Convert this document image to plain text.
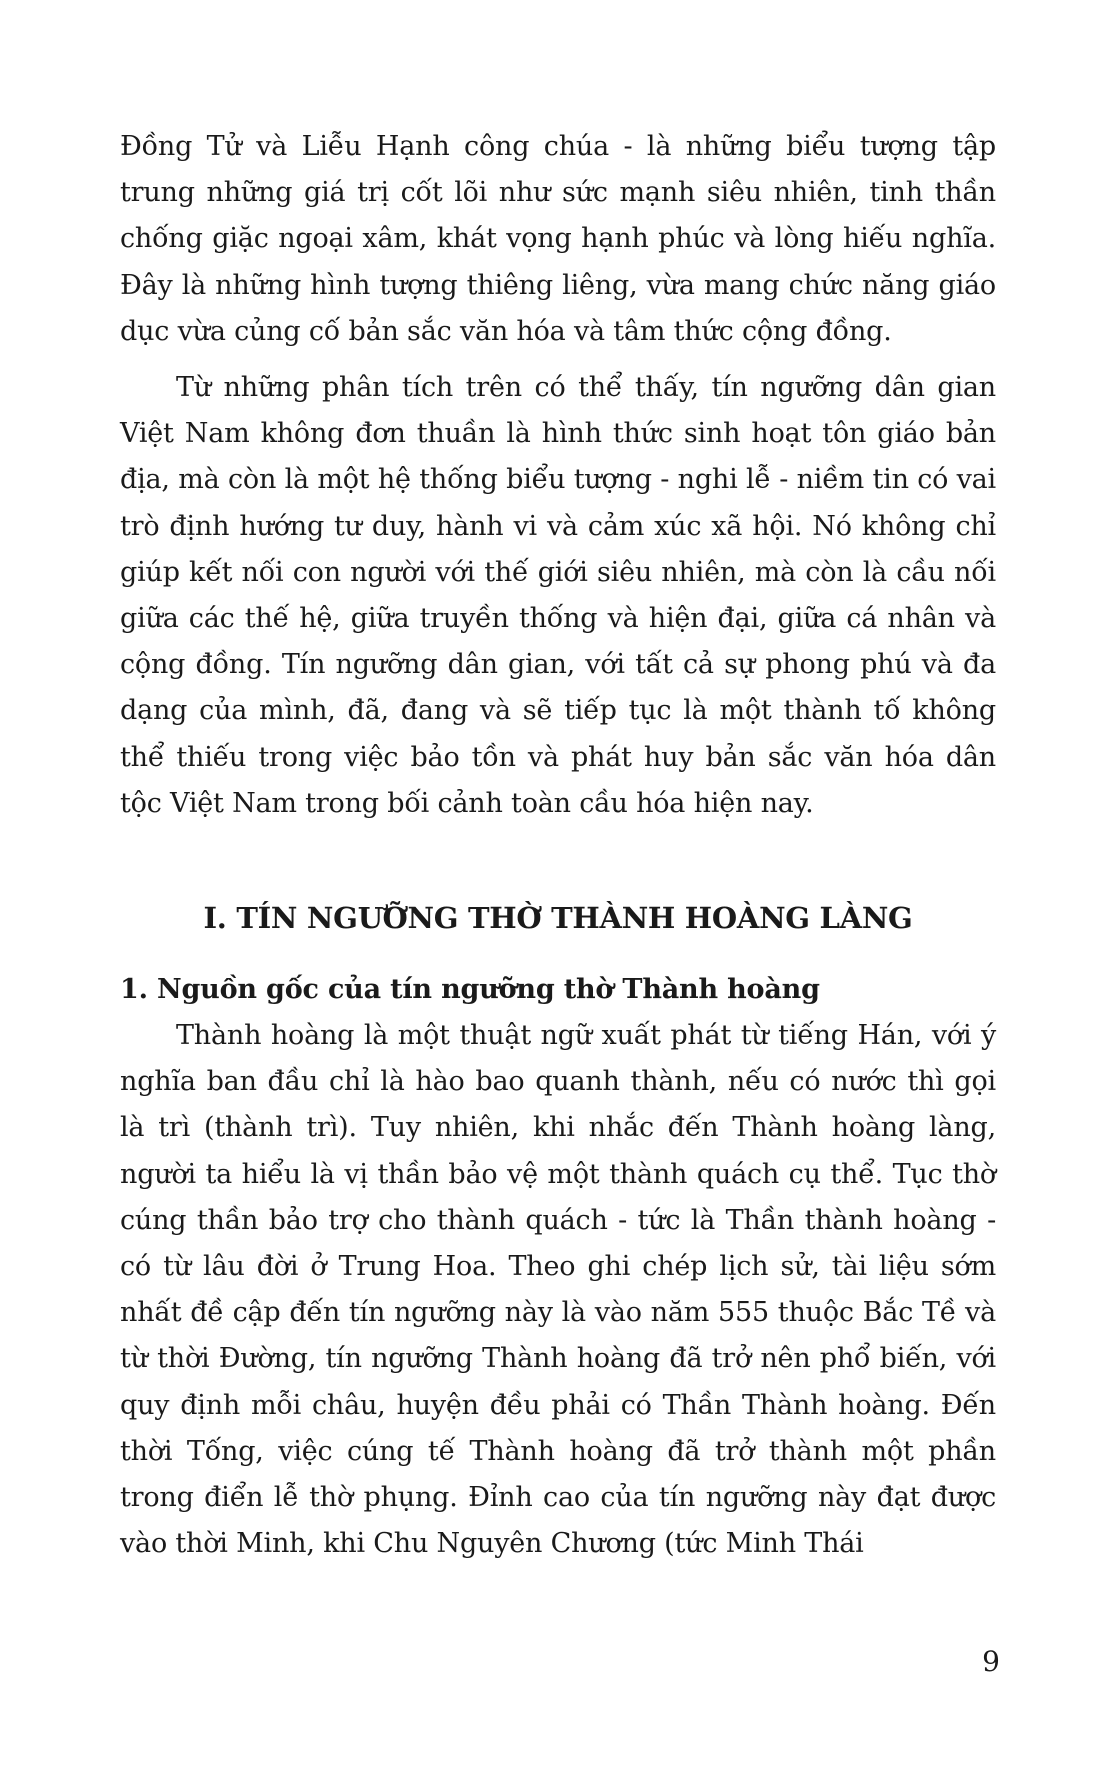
Đồng Tử và Liễu Hạnh công chúa - là những biểu tượng tập trung những giá trị cốt lõi như sức mạnh siêu nhiên, tinh thần chống giặc ngoại xâm, khát vọng hạnh phúc và lòng hiếu nghĩa. Đây là những hình tượng thiêng liêng, vừa mang chức năng giáo dục vừa củng cố bản sắc văn hóa và tâm thức cộng đồng.

Từ những phân tích trên có thể thấy, tín ngưỡng dân gian Việt Nam không đơn thuần là hình thức sinh hoạt tôn giáo bản địa, mà còn là một hệ thống biểu tượng - nghi lễ - niềm tin có vai trò định hướng tư duy, hành vi và cảm xúc xã hội. Nó không chỉ giúp kết nối con người với thế giới siêu nhiên, mà còn là cầu nối giữa các thế hệ, giữa truyền thống và hiện đại, giữa cá nhân và cộng đồng. Tín ngưỡng dân gian, với tất cả sự phong phú và đa dạng của mình, đã, đang và sẽ tiếp tục là một thành tố không thể thiếu trong việc bảo tồn và phát huy bản sắc văn hóa dân tộc Việt Nam trong bối cảnh toàn cầu hóa hiện nay.

I. TÍN NGƯỠNG THỜ THÀNH HOÀNG LÀNG
1. Nguồn gốc của tín ngưỡng thờ Thành hoàng

Thành hoàng là một thuật ngữ xuất phát từ tiếng Hán, với ý nghĩa ban đầu chỉ là hào bao quanh thành, nếu có nước thì gọi là trì (thành trì). Tuy nhiên, khi nhắc đến Thành hoàng làng, người ta hiểu là vị thần bảo vệ một thành quách cụ thể. Tục thờ cúng thần bảo trợ cho thành quách - tức là Thần thành hoàng - có từ lâu đời ở Trung Hoa. Theo ghi chép lịch sử, tài liệu sớm nhất đề cập đến tín ngưỡng này là vào năm 555 thuộc Bắc Tề và từ thời Đường, tín ngưỡng Thành hoàng đã trở nên phổ biến, với quy định mỗi châu, huyện đều phải có Thần Thành hoàng. Đến thời Tống, việc cúng tế Thành hoàng đã trở thành một phần trong điển lễ thờ phụng. Đỉnh cao của tín ngưỡng này đạt được vào thời Minh, khi Chu Nguyên Chương (tức Minh Thái

9
